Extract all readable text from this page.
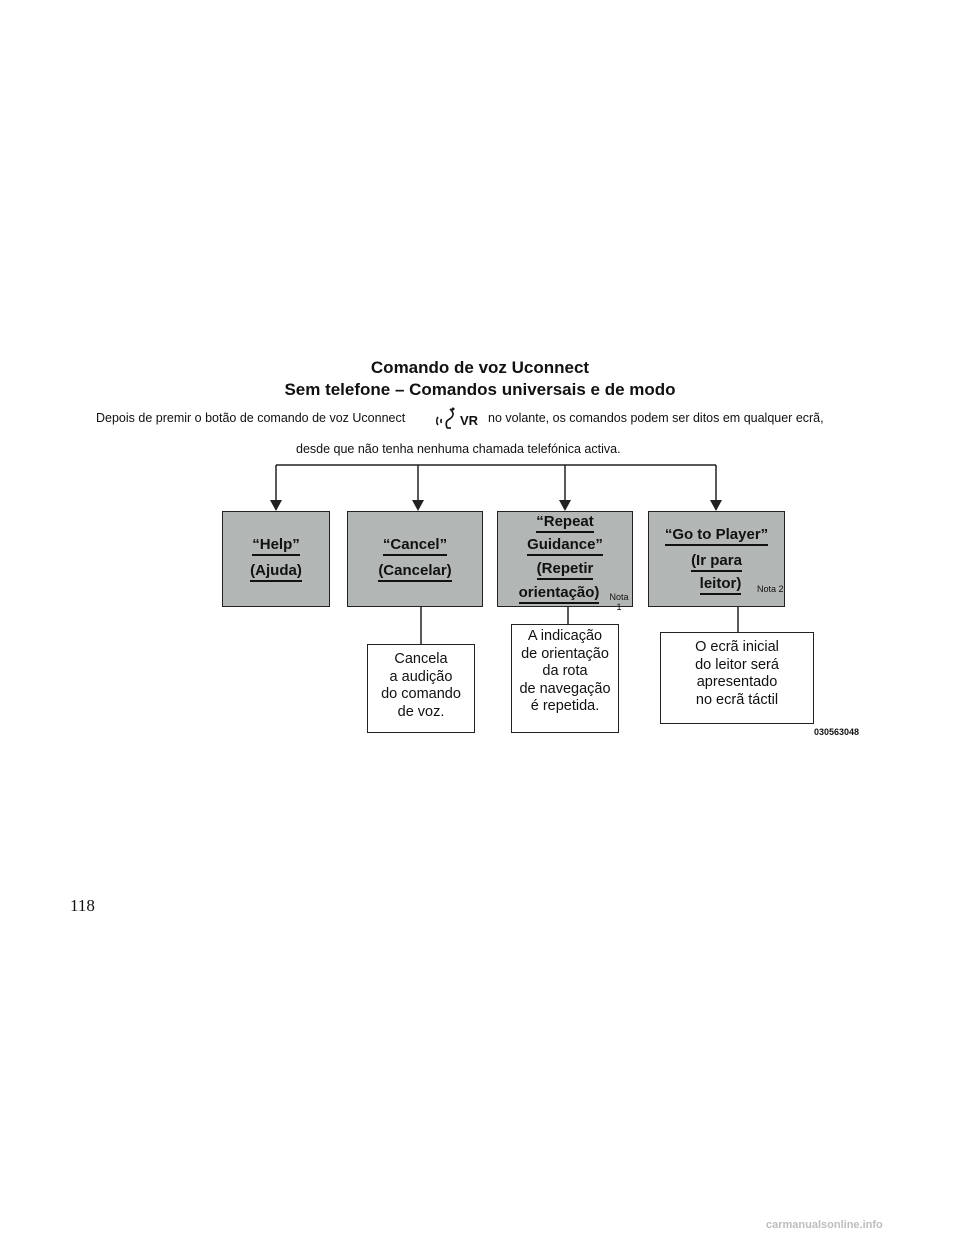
Comando de voz Uconnect
Sem telefone – Comandos universais e de modo
Depois de premir o botão de comando de voz Uconnect	VR no volante, os comandos podem ser ditos em qualquer ecrã,
desde que não tenha nenhuma chamada telefónica activa.
“Help”
(Ajuda)
“Cancel”
(Cancelar)
“Repeat
Guidance”
(Repetir
orientação)	Nota 1
“Go to Player”
(Ir para
leitor)	Nota 2
Cancela
a audição
do comando
de voz.
A indicação
de orientação
da rota
de navegação
é repetida.
O ecrã inicial
do leitor será
apresentado
no ecrã táctil
030563048
118
carmanualsonline.info
